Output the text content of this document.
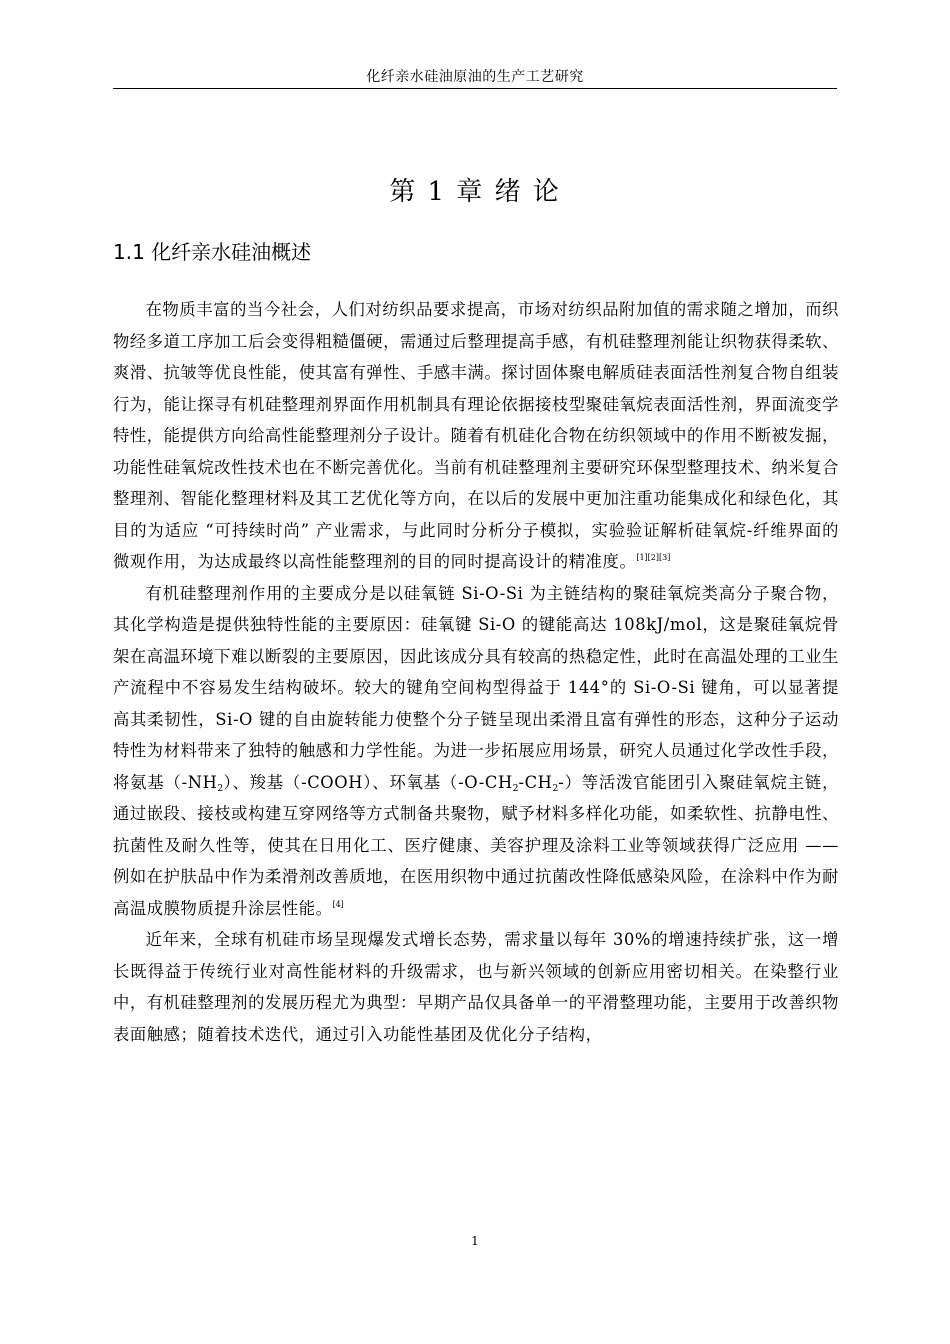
化纤亲水硅油原油的生产工艺研究
第 1 章 绪 论
1.1 化纤亲水硅油概述

在物质丰富的当今社会，人们对纺织品要求提高，市场对纺织品附加值的需求随之增加，而织物经多道工序加工后会变得粗糙僵硬，需通过后整理提高手感，有机硅整理剂能让织物获得柔软、爽滑、抗皱等优良性能，使其富有弹性、手感丰满。探讨固体聚电解质硅表面活性剂复合物自组装行为，能让探寻有机硅整理剂界面作用机制具有理论依据接枝型聚硅氧烷表面活性剂，界面流变学特性，能提供方向给高性能整理剂分子设计。随着有机硅化合物在纺织领域中的作用不断被发掘，功能性硅氧烷改性技术也在不断完善优化。当前有机硅整理剂主要研究环保型整理技术、纳米复合整理剂、智能化整理材料及其工艺优化等方向，在以后的发展中更加注重功能集成化和绿色化，其目的为适应 “可持续时尚” 产业需求，与此同时分析分子模拟，实验验证解析硅氧烷-纤维界面的微观作用，为达成最终以高性能整理剂的目的同时提高设计的精准度。[1][2][3]

有机硅整理剂作用的主要成分是以硅氧链 Si-O-Si 为主链结构的聚硅氧烷类高分子聚合物，其化学构造是提供独特性能的主要原因：硅氧键 Si-O 的键能高达 108kJ/mol，这是聚硅氧烷骨架在高温环境下难以断裂的主要原因，因此该成分具有较高的热稳定性，此时在高温处理的工业生产流程中不容易发生结构破坏。较大的键角空间构型得益于 144°的 Si-O-Si 键角，可以显著提高其柔韧性，Si-O 键的自由旋转能力使整个分子链呈现出柔滑且富有弹性的形态，这种分子运动特性为材料带来了独特的触感和力学性能。为进一步拓展应用场景，研究人员通过化学改性手段，将氨基$(-NH_2)$、羧基（-COOH）、环氧基$(-O-CH_2-CH_2-)$等活泼官能团引入聚硅氧烷主链，通过嵌段、接枝或构建互穿网络等方式制备共聚物，赋予材料多样化功能，如柔软性、抗静电性、抗菌性及耐久性等，使其在日用化工、医疗健康、美容护理及涂料工业等领域获得广泛应用 —— 例如在护肤品中作为柔滑剂改善质地，在医用织物中通过抗菌改性降低感染风险，在涂料中作为耐高温成膜物质提升涂层性能。[4]

近年来，全球有机硅市场呈现爆发式增长态势，需求量以每年 30%的增速持续扩张，这一增长既得益于传统行业对高性能材料的升级需求，也与新兴领域的创新应用密切相关。在染整行业中，有机硅整理剂的发展历程尤为典型：早期产品仅具备单一的平滑整理功能，主要用于改善织物表面触感；随着技术迭代，通过引入功能性基团及优化分子结构，

1
